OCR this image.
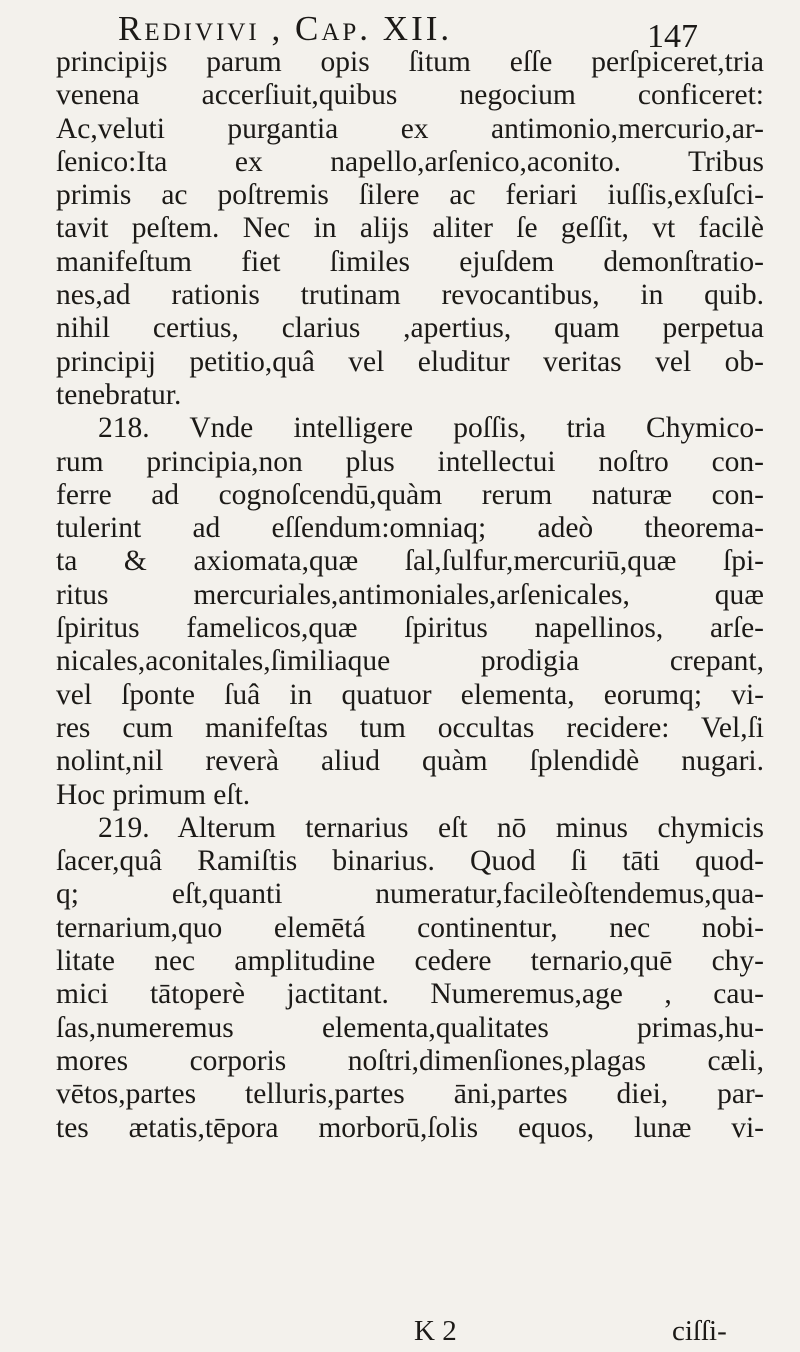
Redivivi , Cap. XII.	147
principijs parum opis ſitum eſſe perſpiceret,tria
venena accerſiuit,quibus negocium conficeret:
Ac,veluti purgantia ex antimonio,mercurio,ar-
ſenico:Ita ex napello,arſenico,aconito. Tribus
primis ac poſtremis ſilere ac feriari iuſſis,exſuſci-
tavit peſtem. Nec in alijs aliter ſe geſſit, vt facilè
manifeſtum fiet ſimiles ejuſdem demonſtratio-
nes,ad rationis trutinam revocantibus, in quib.
nihil certius, clarius ,apertius, quam perpetua
principij petitio,quâ vel eluditur veritas vel ob-
tenebratur.
218. Vnde intelligere poſſis, tria Chymico-
rum principia,non plus intellectui noſtro con-
ferre ad cognoſcendū,quàm rerum naturæ con-
tulerint ad eſſendum:omniaq; adeò theorema-
ta & axiomata,quæ ſal,ſulfur,mercuriū,quæ ſpi-
ritus mercuriales,antimoniales,arſenicales, quæ
ſpiritus famelicos,quæ ſpiritus napellinos, arſe-
nicales,aconitales,ſimiliaque prodigia crepant,
vel ſponte ſuâ in quatuor elementa, eorumq; vi-
res cum manifeſtas tum occultas recidere: Vel,ſi
nolint,nil reverà aliud quàm ſplendidè nugari.
Hoc primum eſt.
219. Alterum ternarius eſt nō minus chymicis
ſacer,quâ Ramiſtis binarius. Quod ſi tāti quod-
q; eſt,quanti numeratur,facileòſtendemus,qua-
ternarium,quo elemētá continentur, nec nobi-
litate nec amplitudine cedere ternario,quē chy-
mici tātoperè jactitant. Numeremus,age , cau-
ſas,numeremus elementa,qualitates primas,hu-
mores corporis noſtri,dimenſiones,plagas cæli,
vētos,partes telluris,partes āni,partes diei, par-
tes ætatis,tēpora morborū,ſolis equos, lunæ vi-
K 2	ciſſi-
